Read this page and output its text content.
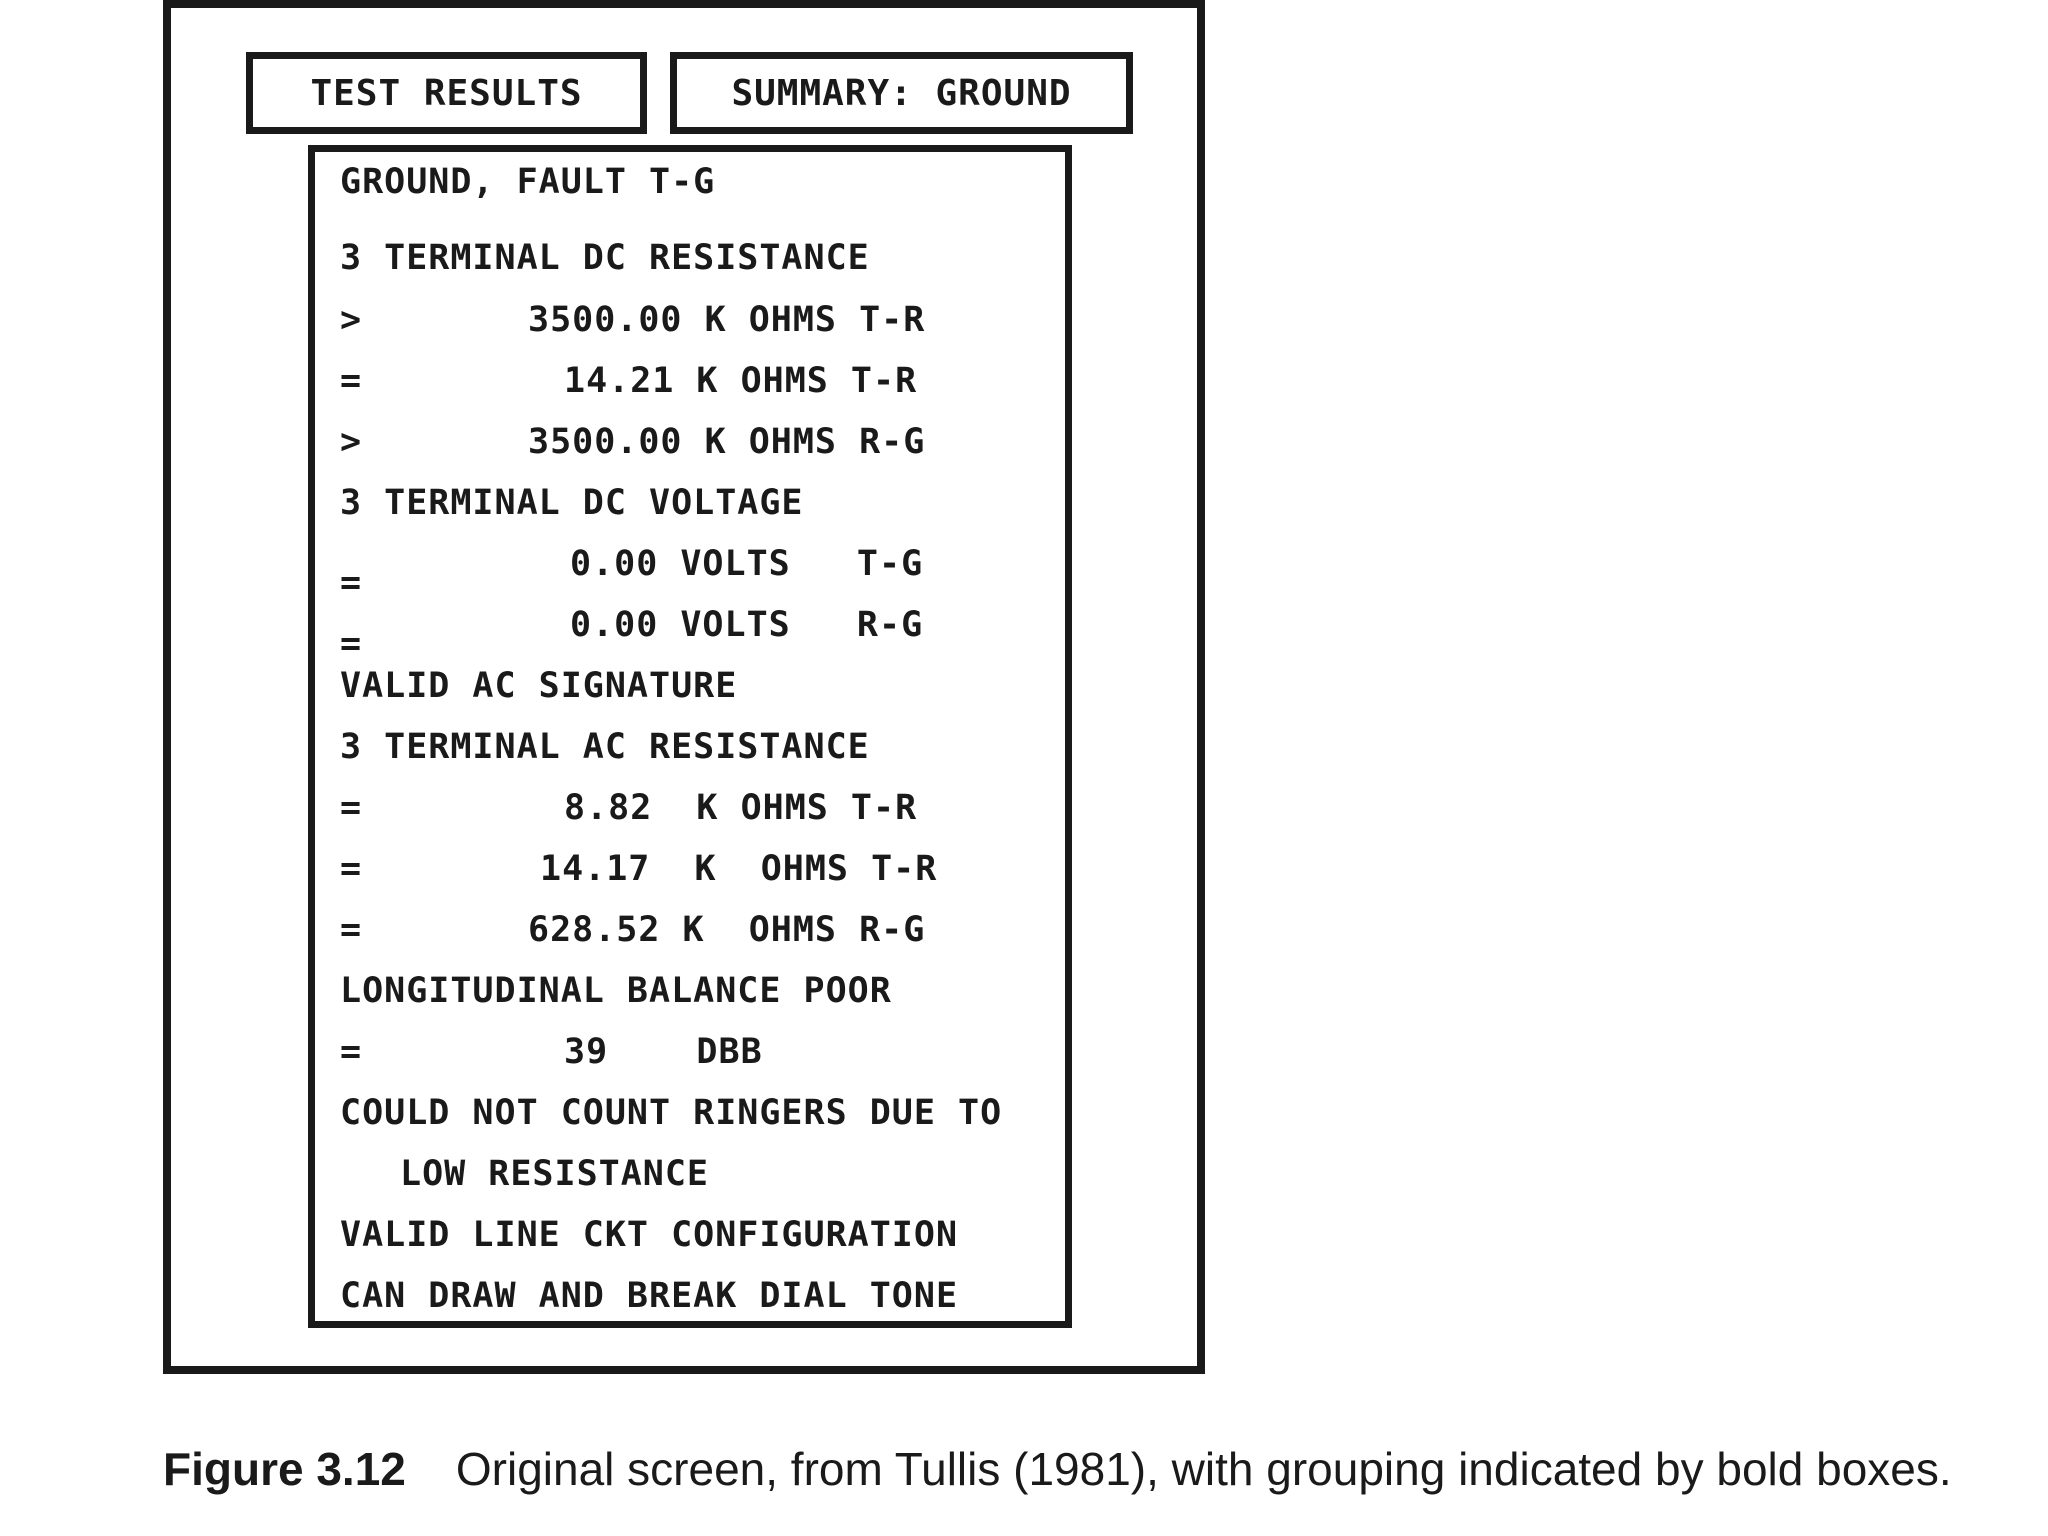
TEST RESULTS	SUMMARY: GROUND
GROUND, FAULT T-G
3 TERMINAL DC RESISTANCE
>	3500.00 K OHMS T-R
=	14.21 K OHMS T-R
>	3500.00 K OHMS R-G
3 TERMINAL DC VOLTAGE
=	0.00 VOLTS   T-G
=	0.00 VOLTS   R-G
VALID AC SIGNATURE
3 TERMINAL AC RESISTANCE
=	8.82  K OHMS T-R
=	14.17  K  OHMS T-R
=	628.52 K  OHMS R-G
LONGITUDINAL BALANCE POOR
=	39    DBB
COULD NOT COUNT RINGERS DUE TO
LOW RESISTANCE
VALID LINE CKT CONFIGURATION
CAN DRAW AND BREAK DIAL TONE
Figure 3.12 Original screen, from Tullis (1981), with grouping indicated by bold boxes.
